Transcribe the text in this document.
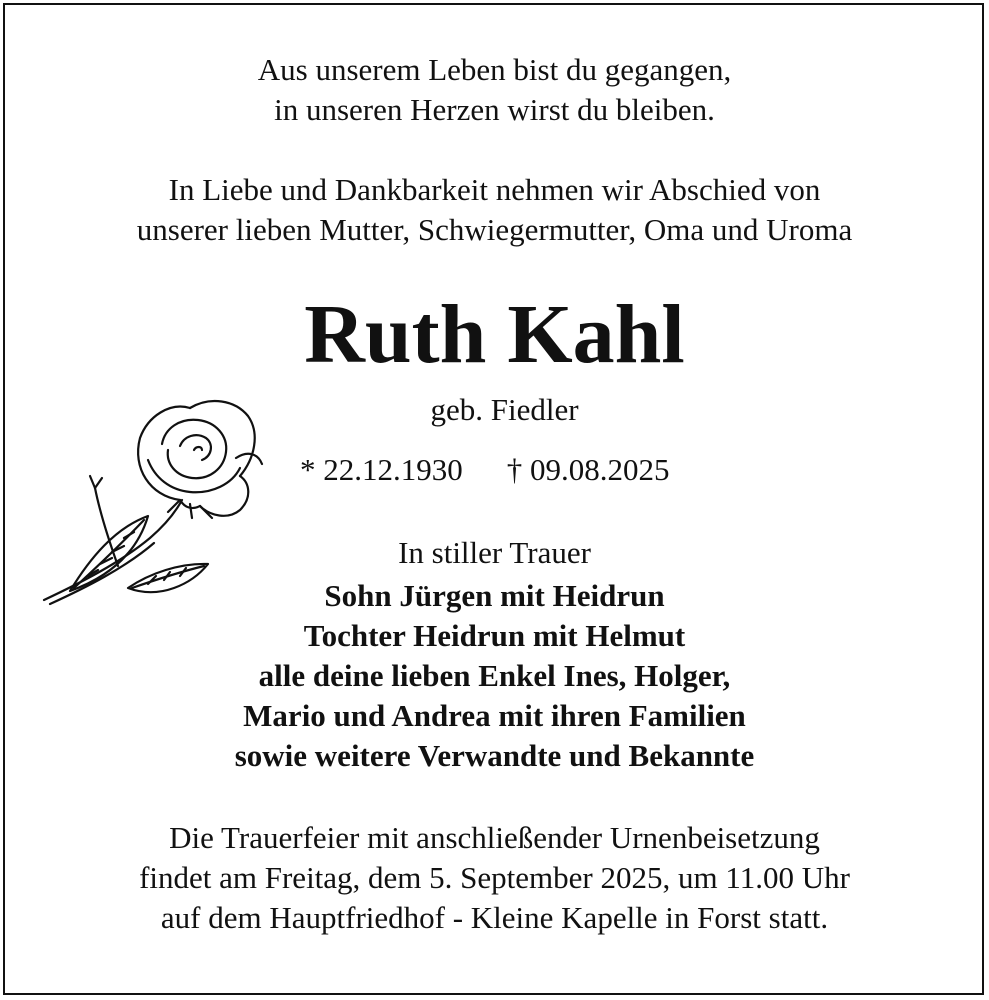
Aus unserem Leben bist du gegangen,
in unseren Herzen wirst du bleiben.
In Liebe und Dankbarkeit nehmen wir Abschied von
unserer lieben Mutter, Schwiegermutter, Oma und Uroma
Ruth Kahl
geb. Fiedler
* 22.12.1930 † 09.08.2025
In stiller Trauer
Sohn Jürgen mit Heidrun
Tochter Heidrun mit Helmut
alle deine lieben Enkel Ines, Holger,
Mario und Andrea mit ihren Familien
sowie weitere Verwandte und Bekannte
Die Trauerfeier mit anschließender Urnenbeisetzung
findet am Freitag, dem 5. September 2025, um 11.00 Uhr
auf dem Hauptfriedhof - Kleine Kapelle in Forst statt.
